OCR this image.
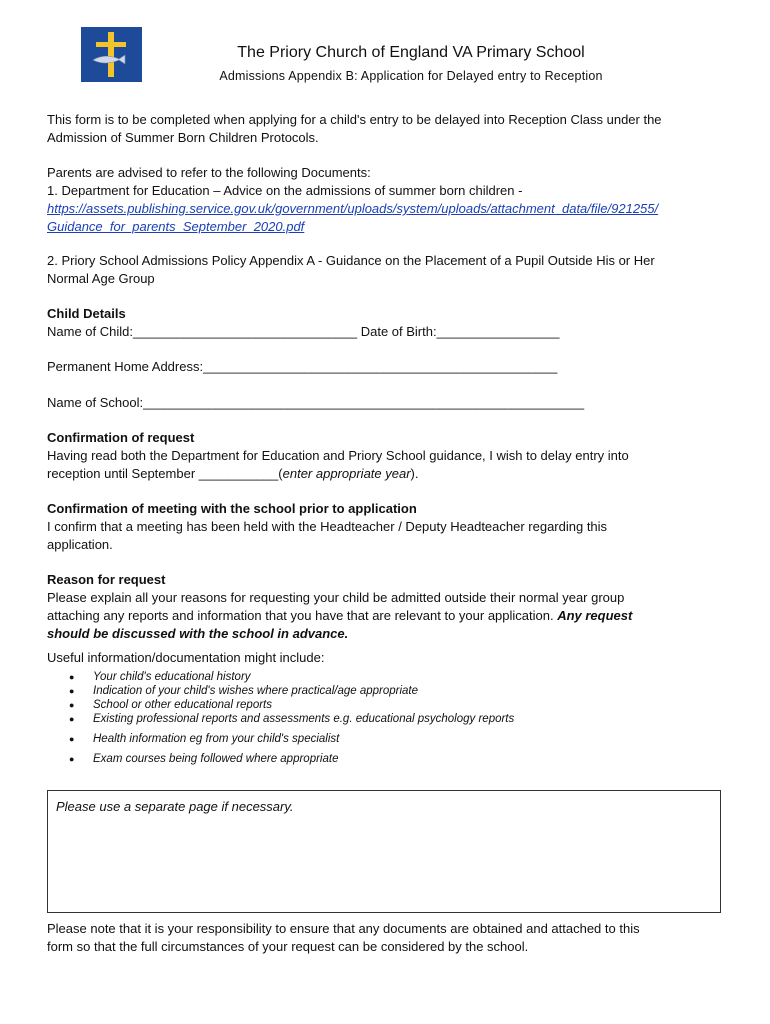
The Priory Church of England VA Primary School
Admissions Appendix B: Application for Delayed entry to Reception
This form is to be completed when applying for a child's entry to be delayed into Reception Class under the
Admission of Summer Born Children Protocols.
Parents are advised to refer to the following Documents:
1. Department for Education – Advice on the admissions of summer born children -
https://assets.publishing.service.gov.uk/government/uploads/system/uploads/attachment_data/file/921255/
Guidance_for_parents_September_2020.pdf
2. Priory School Admissions Policy Appendix A - Guidance on the Placement of a Pupil Outside His or Her
Normal Age Group
Child Details
Name of Child:_______________________________ Date of Birth:_________________
Permanent Home Address:_________________________________________________
Name of School:_____________________________________________________________
Confirmation of request
Having read both the Department for Education and Priory School guidance, I wish to delay entry into
reception until September ___________(enter appropriate year).
Confirmation of meeting with the school prior to application
I confirm that a meeting has been held with the Headteacher / Deputy Headteacher regarding this
application.
Reason for request
Please explain all your reasons for requesting your child be admitted outside their normal year group
attaching any reports and information that you have that are relevant to your application. Any request
should be discussed with the school in advance.
Useful information/documentation might include:
● Your child's educational history
● Indication of your child's wishes where practical/age appropriate
● School or other educational reports
● Existing professional reports and assessments e.g. educational psychology reports
● Health information eg from your child's specialist
● Exam courses being followed where appropriate
Please use a separate page if necessary.
Please note that it is your responsibility to ensure that any documents are obtained and attached to this
form so that the full circumstances of your request can be considered by the school.
